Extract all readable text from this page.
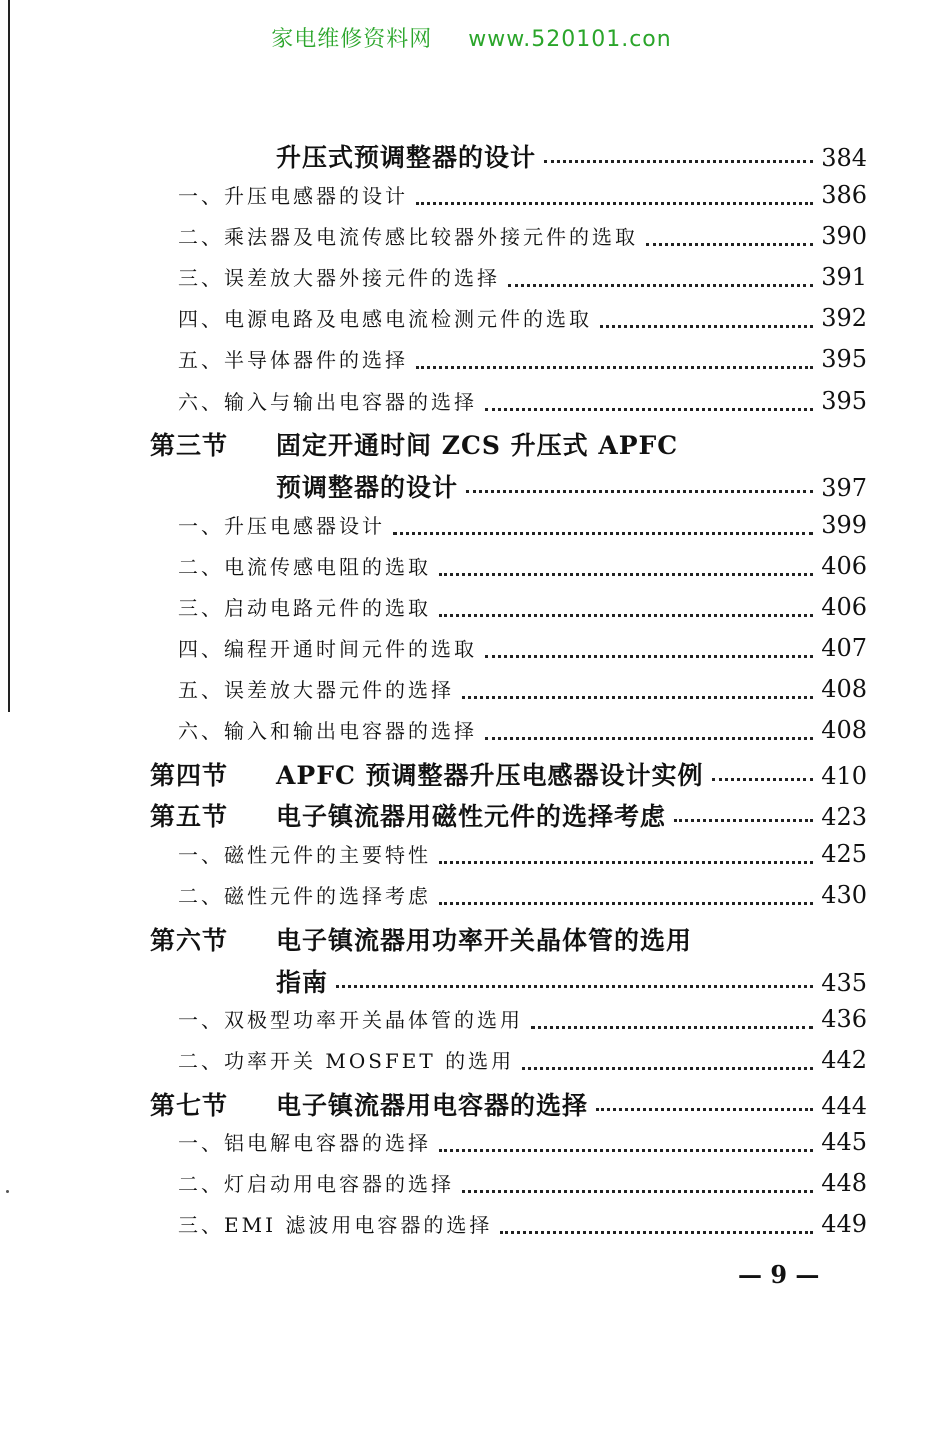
家电维修资料网 www.520101.con
升压式预调整器的设计	384
一、升压电感器的设计	386
二、乘法器及电流传感比较器外接元件的选取	390
三、误差放大器外接元件的选择	391
四、电源电路及电感电流检测元件的选取	392
五、半导体器件的选择	395
六、输入与输出电容器的选择	395
第三节	固定开通时间 ZCS 升压式 APFC
预调整器的设计	397
一、升压电感器设计	399
二、电流传感电阻的选取	406
三、启动电路元件的选取	406
四、编程开通时间元件的选取	407
五、误差放大器元件的选择	408
六、输入和输出电容器的选择	408
第四节	APFC 预调整器升压电感器设计实例	410
第五节	电子镇流器用磁性元件的选择考虑	423
一、磁性元件的主要特性	425
二、磁性元件的选择考虑	430
第六节	电子镇流器用功率开关晶体管的选用
指南	435
一、双极型功率开关晶体管的选用	436
二、功率开关 MOSFET 的选用	442
第七节	电子镇流器用电容器的选择	444
一、铝电解电容器的选择	445
二、灯启动用电容器的选择	448
三、EMI 滤波用电容器的选择	449
— 9 —
